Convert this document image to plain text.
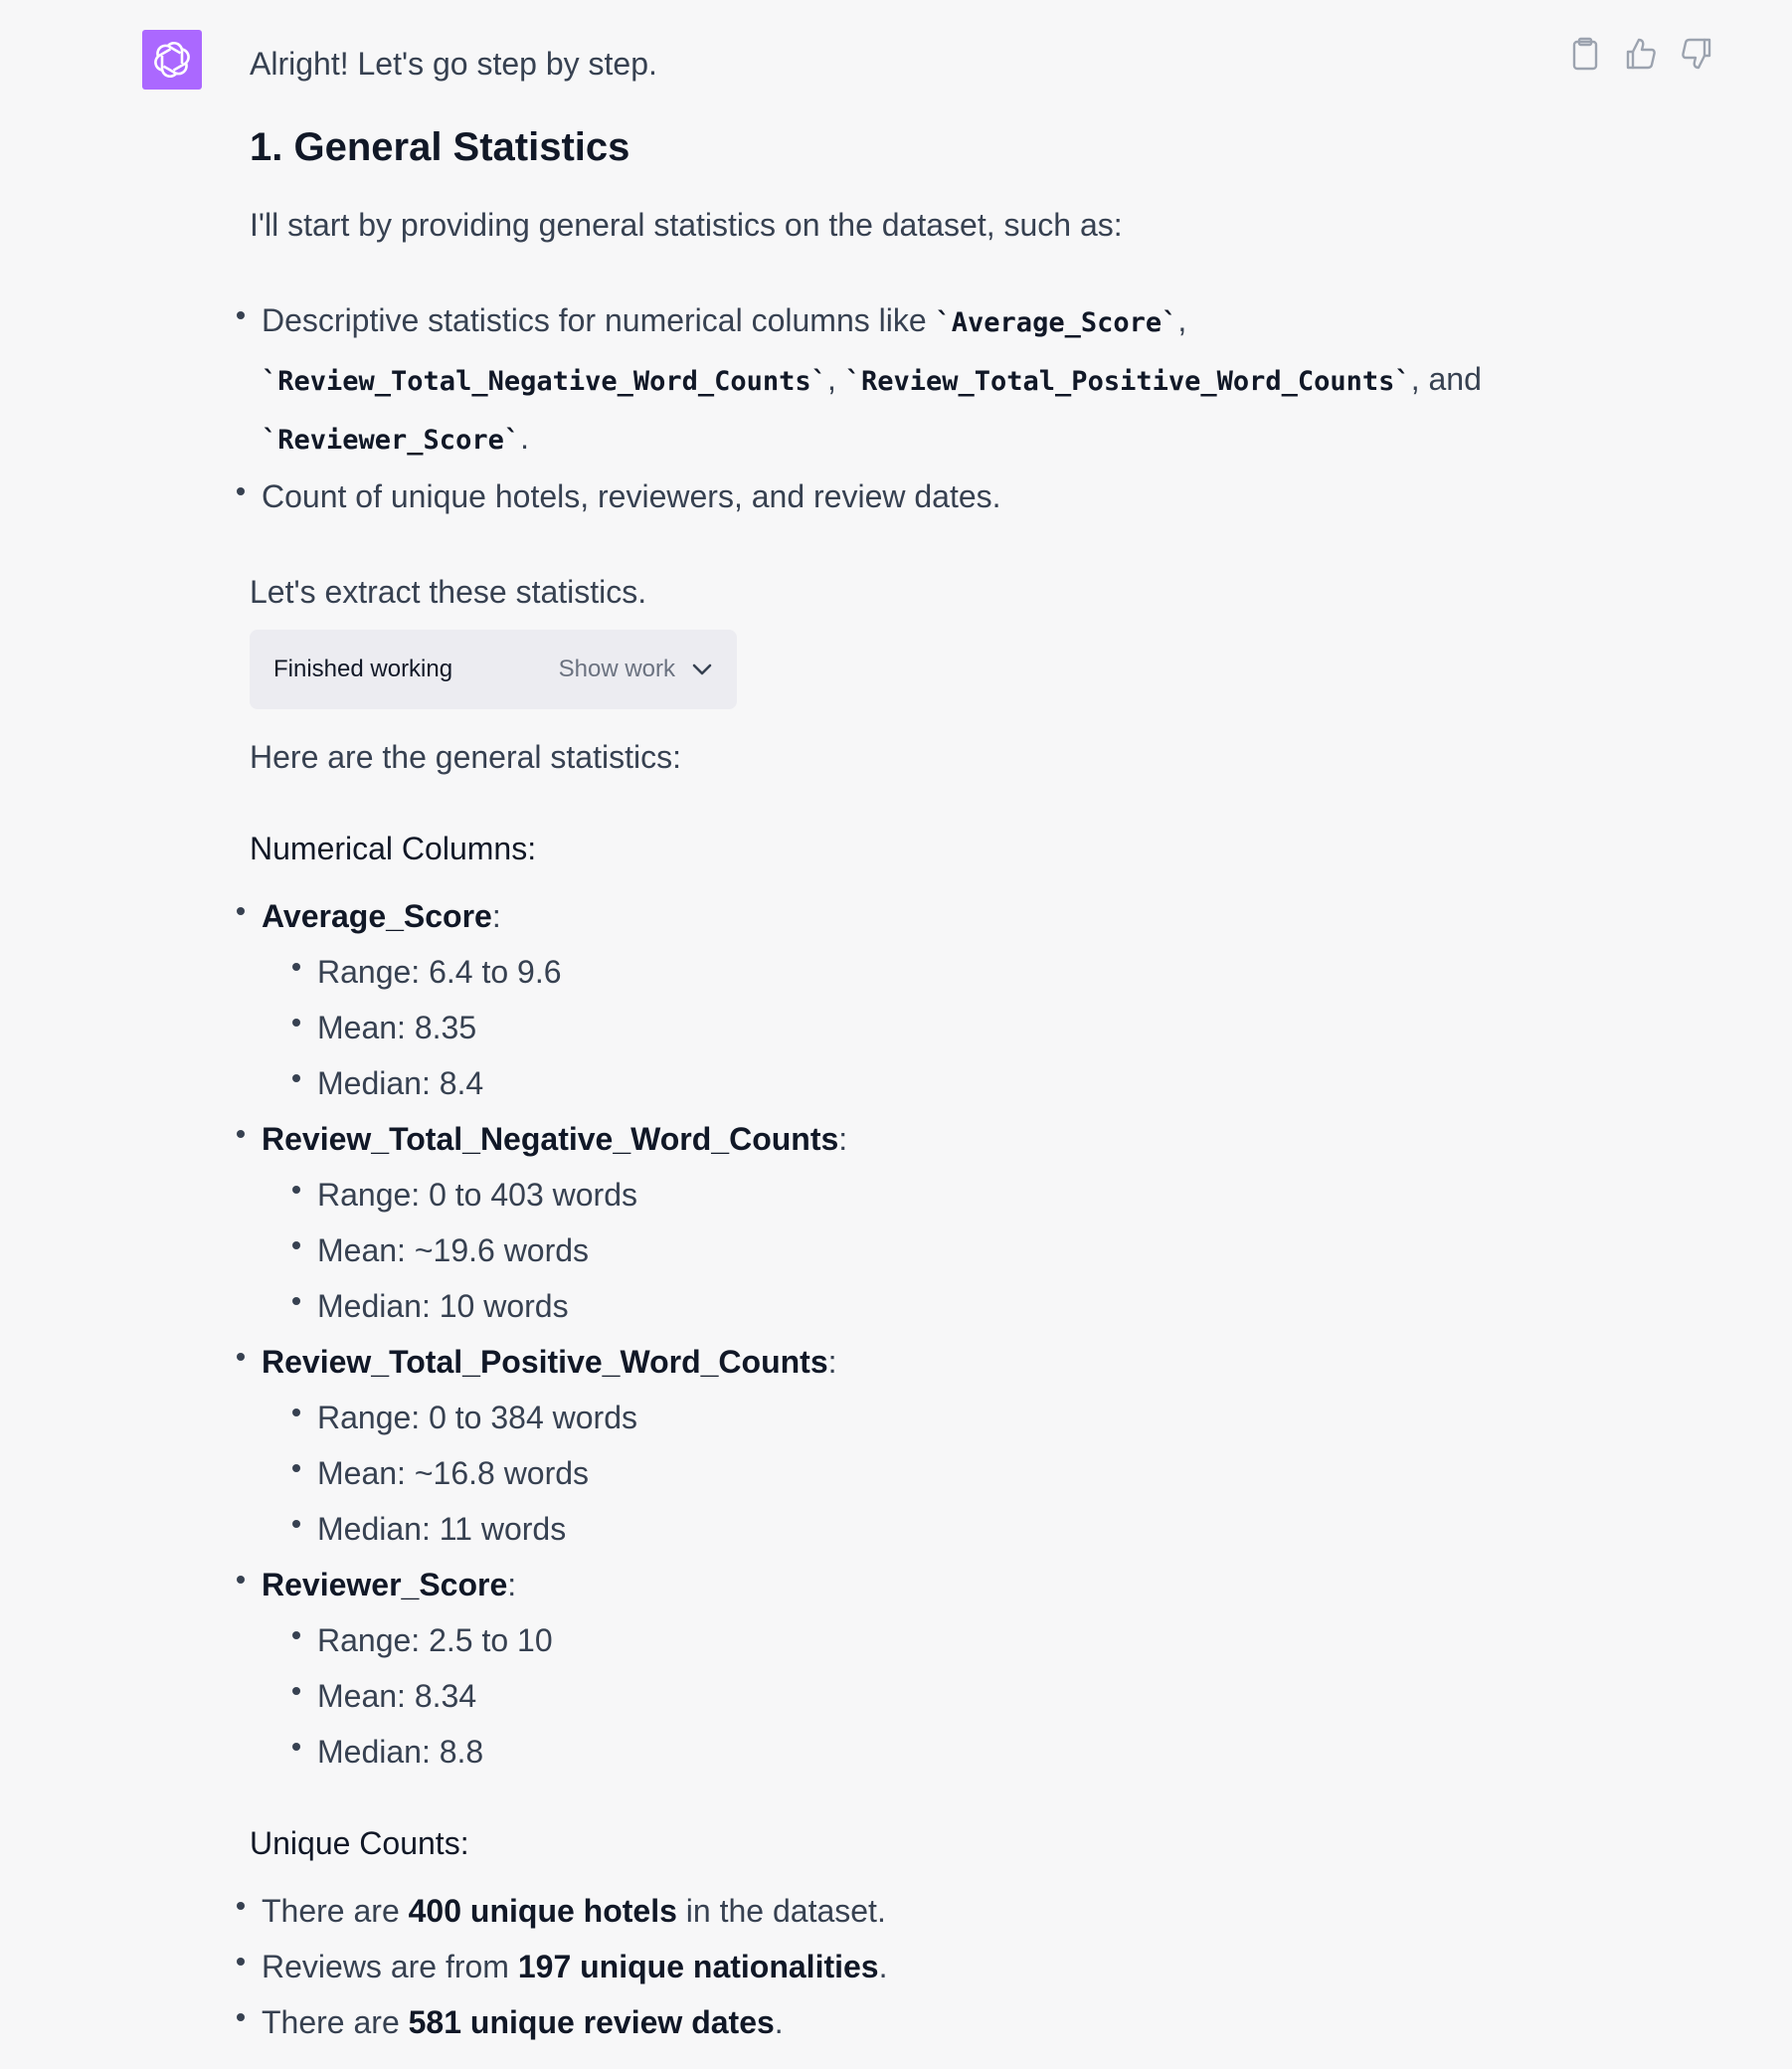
Alright! Let's go step by step.

1. General Statistics

I'll start by providing general statistics on the dataset, such as:

Descriptive statistics for numerical columns like `Average_Score`,
`Review_Total_Negative_Word_Counts`, `Review_Total_Positive_Word_Counts`, and
`Reviewer_Score`.
Count of unique hotels, reviewers, and review dates.

Let's extract these statistics.

Finished working	Show work

Here are the general statistics:

Numerical Columns:

Average_Score:
Range: 6.4 to 9.6
Mean: 8.35
Median: 8.4
Review_Total_Negative_Word_Counts:
Range: 0 to 403 words
Mean: ~19.6 words
Median: 10 words
Review_Total_Positive_Word_Counts:
Range: 0 to 384 words
Mean: ~16.8 words
Median: 11 words
Reviewer_Score:
Range: 2.5 to 10
Mean: 8.34
Median: 8.8

Unique Counts:

There are 400 unique hotels in the dataset.
Reviews are from 197 unique nationalities.
There are 581 unique review dates.
